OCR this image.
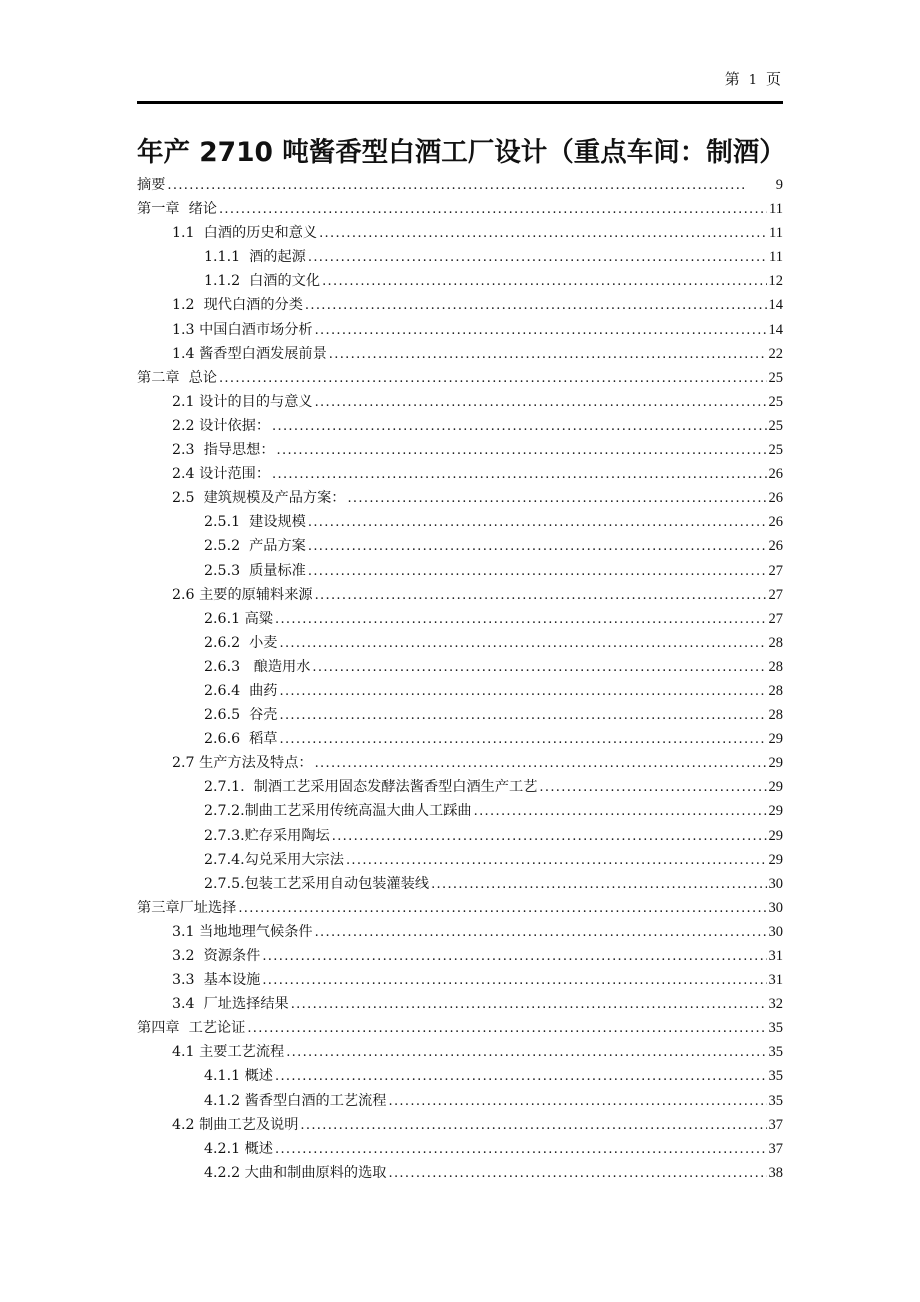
第 1 页
年产 2710 吨酱香型白酒工厂设计（重点车间：制酒）
摘要 . . .	9
第一章  绪论 . . .	11
1.1  白酒的历史和意义 . . .	11
1.1.1  酒的起源 . . .	11
1.1.2  白酒的文化 . . .	12
1.2  现代白酒的分类 . . .	14
1.3 中国白酒市场分析 . . .	14
1.4 酱香型白酒发展前景 . . .	22
第二章  总论 . . .	25
2.1 设计的目的与意义 . . .	25
2.2 设计依据： . . .	25
2.3  指导思想： . . .	25
2.4 设计范围： . . .	26
2.5  建筑规模及产品方案： . . .	26
2.5.1  建设规模 . . .	26
2.5.2  产品方案 . . .	26
2.5.3  质量标准 . . .	27
2.6 主要的原辅料来源 . . .	27
2.6.1 高粱 . . .	27
2.6.2  小麦 . . .	28
2.6.3   酿造用水 . . .	28
2.6.4  曲药 . . .	28
2.6.5  谷壳 . . .	28
2.6.6  稻草 . . .	29
2.7 生产方法及特点： . . .	29
2.7.1.  制酒工艺采用固态发酵法酱香型白酒生产工艺 . . .	29
2.7.2.制曲工艺采用传统高温大曲人工踩曲 . . .	29
2.7.3.贮存采用陶坛 . . .	29
2.7.4.勾兑采用大宗法 . . .	29
2.7.5.包装工艺采用自动包装灌装线 . . .	30
第三章厂址选择 . . .	30
3.1 当地地理气候条件 . . .	30
3.2  资源条件 . . .	31
3.3  基本设施 . . .	31
3.4  厂址选择结果 . . .	32
第四章  工艺论证 . . .	35
4.1 主要工艺流程 . . .	35
4.1.1 概述 . . .	35
4.1.2 酱香型白酒的工艺流程 . . .	35
4.2 制曲工艺及说明 . . .	37
4.2.1 概述 . . .	37
4.2.2 大曲和制曲原料的选取 . . .	38
